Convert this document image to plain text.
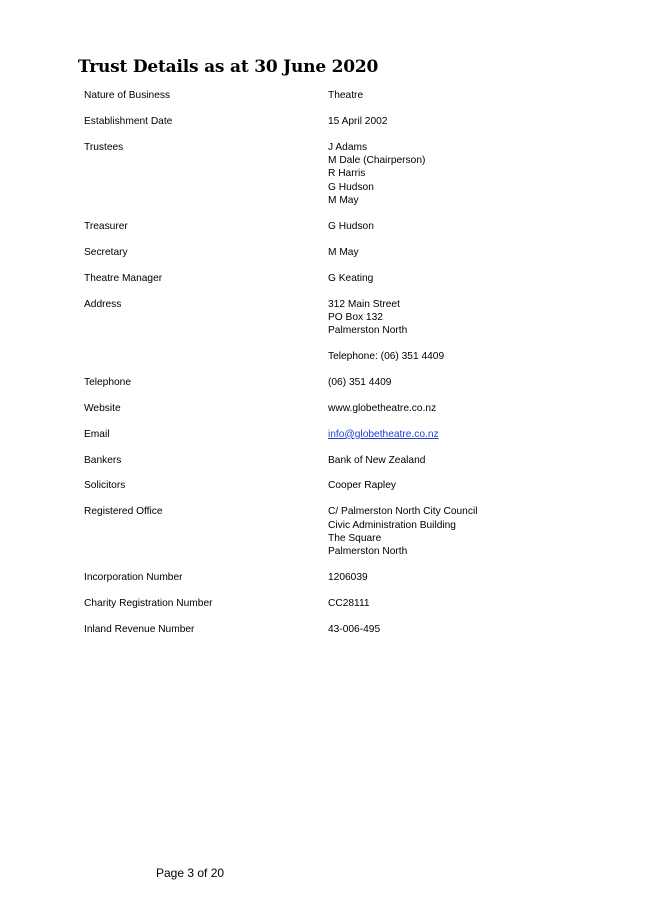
Trust Details as at 30 June 2020
Nature of Business	Theatre
Establishment Date	15 April 2002
Trustees	J Adams
M Dale (Chairperson)
R Harris
G Hudson
M May
Treasurer	G Hudson
Secretary	M May
Theatre Manager	G Keating
Address	312 Main Street
PO Box 132
Palmerston North
Telephone: (06) 351 4409
Telephone	(06) 351 4409
Website	www.globetheatre.co.nz
Email	info@globetheatre.co.nz
Bankers	Bank of New Zealand
Solicitors	Cooper Rapley
Registered Office	C/ Palmerston North City Council
Civic Administration Building
The Square
Palmerston North
Incorporation Number	1206039
Charity Registration Number	CC28111
Inland Revenue Number	43-006-495
Page 3 of 20
